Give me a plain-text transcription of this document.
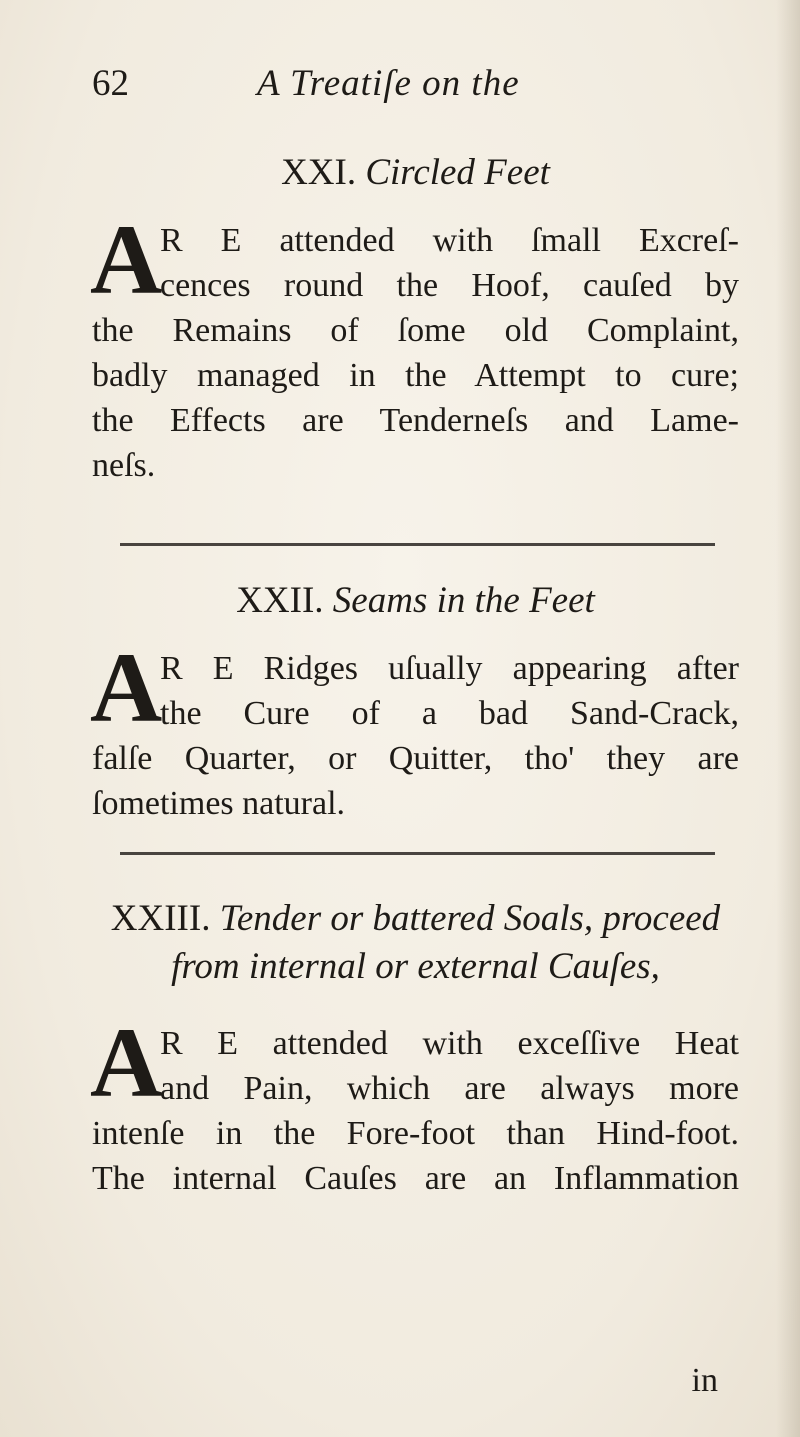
62	A Treatiſe on the
XXI. Circled Feet
A
R E attended with ſmall Excreſ-
cences round the Hoof, cauſed by
the Remains of ſome old Complaint,
badly managed in the Attempt to cure;
the Effects are Tenderneſs and Lame-
neſs.
XXII. Seams in the Feet
A
R E Ridges uſually appearing after
the Cure of a bad Sand-Crack,
falſe Quarter, or Quitter, tho' they are
ſometimes natural.
XXIII. Tender or battered Soals, proceed
from internal or external Cauſes,
A
R E attended with exceſſive Heat
and Pain, which are always more
intenſe in the Fore-foot than Hind-foot.
The internal Cauſes are an Inflammation
in
